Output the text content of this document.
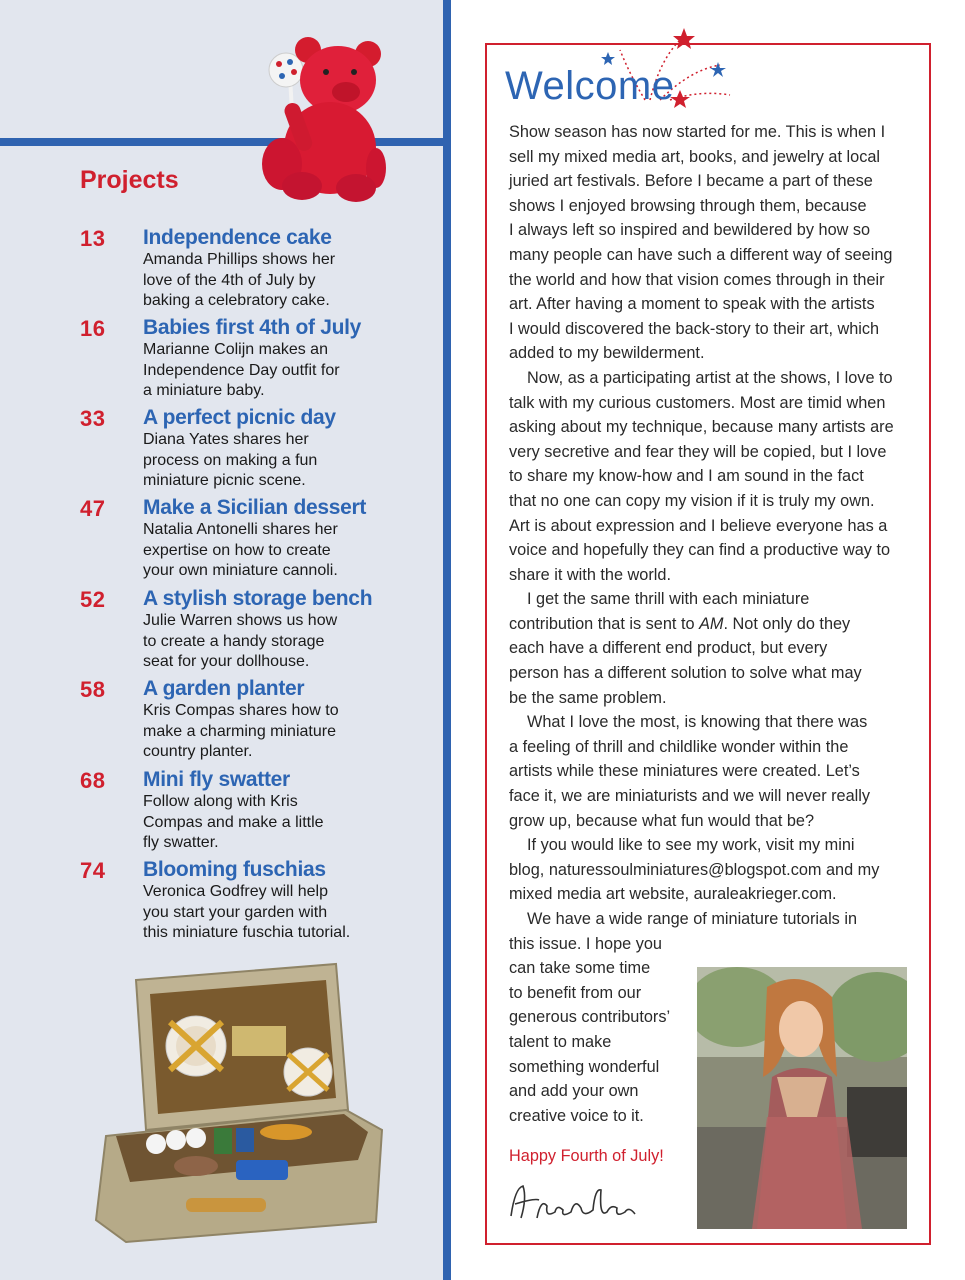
Projects
13 Independence cake
Amanda Phillips shows her
love of the 4th of July by
baking a celebratory cake.
16 Babies first 4th of July
Marianne Colijn makes an
Independence Day outfit for
a miniature baby.
33 A perfect picnic day
Diana Yates shares her
process on making a fun
miniature picnic scene.
47 Make a Sicilian dessert
Natalia Antonelli shares her
expertise on how to create
your own miniature cannoli.
52 A stylish storage bench
Julie Warren shows us how
to create a handy storage
seat for your dollhouse.
58 A garden planter
Kris Compas shares how to
make a charming miniature
country planter.
68 Mini fly swatter
Follow along with Kris
Compas and make a little
fly swatter.
74 Blooming fuschias
Veronica Godfrey will help
you start your garden with
this miniature fuschia tutorial.
Welcome
Show season has now started for me. This is when I
sell my mixed media art, books, and jewelry at local
juried art festivals. Before I became a part of these
shows I enjoyed browsing through them, because
I always left so inspired and bewildered by how so
many people can have such a different way of seeing
the world and how that vision comes through in their
art. After having a moment to speak with the artists
I would discovered the back-story to their art, which
added to my bewilderment.
Now, as a participating artist at the shows, I love to
talk with my curious customers. Most are timid when
asking about my technique, because many artists are
very secretive and fear they will be copied, but I love
to share my know-how and I am sound in the fact
that no one can copy my vision if it is truly my own.
Art is about expression and I believe everyone has a
voice and hopefully they can find a productive way to
share it with the world.
I get the same thrill with each miniature
contribution that is sent to AM. Not only do they
each have a different end product, but every
person has a different solution to solve what may
be the same problem.
What I love the most, is knowing that there was
a feeling of thrill and childlike wonder within the
artists while these miniatures were created. Let’s
face it, we are miniaturists and we will never really
grow up, because what fun would that be?
If you would like to see my work, visit my mini
blog, naturessoulminiatures@blogspot.com and my
mixed media art website, auraleakrieger.com.
We have a wide range of miniature tutorials in
this issue. I hope you
can take some time
to benefit from our
generous contributors’
talent to make
something wonderful
and add your own
creative voice to it.
Happy Fourth of July!
